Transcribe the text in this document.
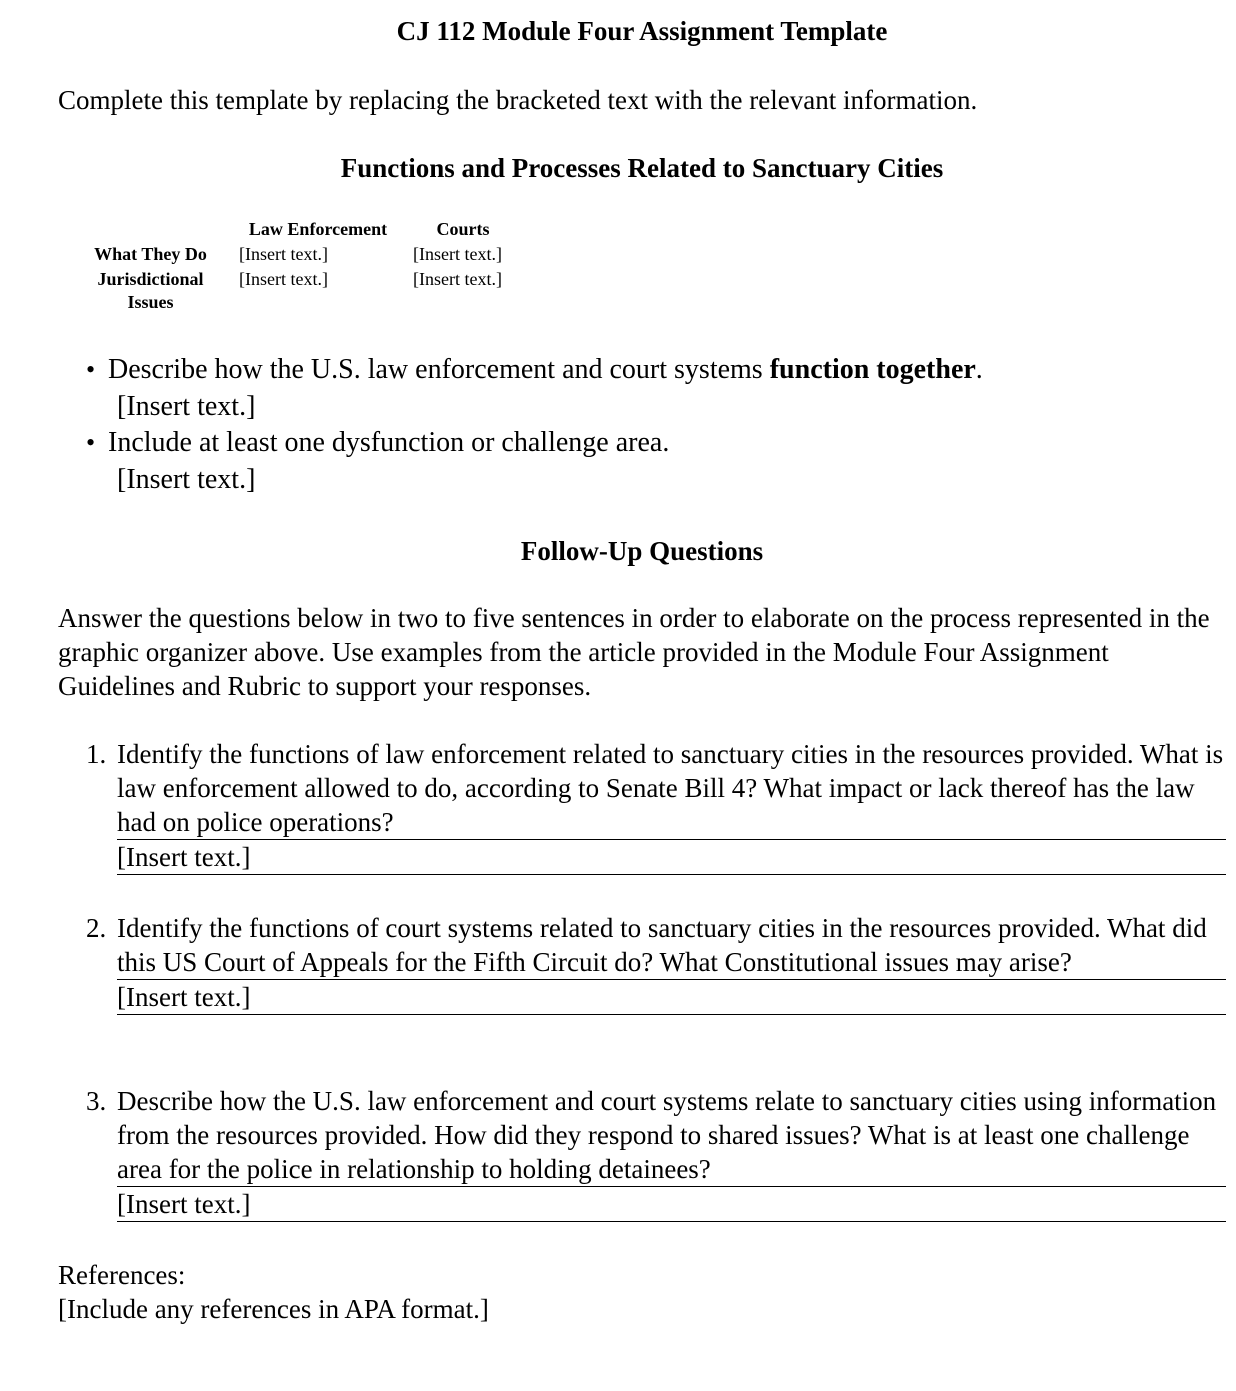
CJ 112 Module Four Assignment Template

Complete this template by replacing the bracketed text with the relevant information.

Functions and Processes Related to Sanctuary Cities
	Law Enforcement	Courts
What They Do	[Insert text.]	[Insert text.]
Jurisdictional Issues	[Insert text.]	[Insert text.]
• Describe how the U.S. law enforcement and court systems function together.
[Insert text.]
• Include at least one dysfunction or challenge area.
[Insert text.]
Follow-Up Questions

Answer the questions below in two to five sentences in order to elaborate on the process represented in the graphic organizer above. Use examples from the article provided in the Module Four Assignment Guidelines and Rubric to support your responses.

1. Identify the functions of law enforcement related to sanctuary cities in the resources provided. What is law enforcement allowed to do, according to Senate Bill 4? What impact or lack thereof has the law had on police operations?
[Insert text.]
2. Identify the functions of court systems related to sanctuary cities in the resources provided. What did this US Court of Appeals for the Fifth Circuit do? What Constitutional issues may arise?
[Insert text.]
3. Describe how the U.S. law enforcement and court systems relate to sanctuary cities using information from the resources provided. How did they respond to shared issues? What is at least one challenge area for the police in relationship to holding detainees?
[Insert text.]

References:

[Include any references in APA format.]
